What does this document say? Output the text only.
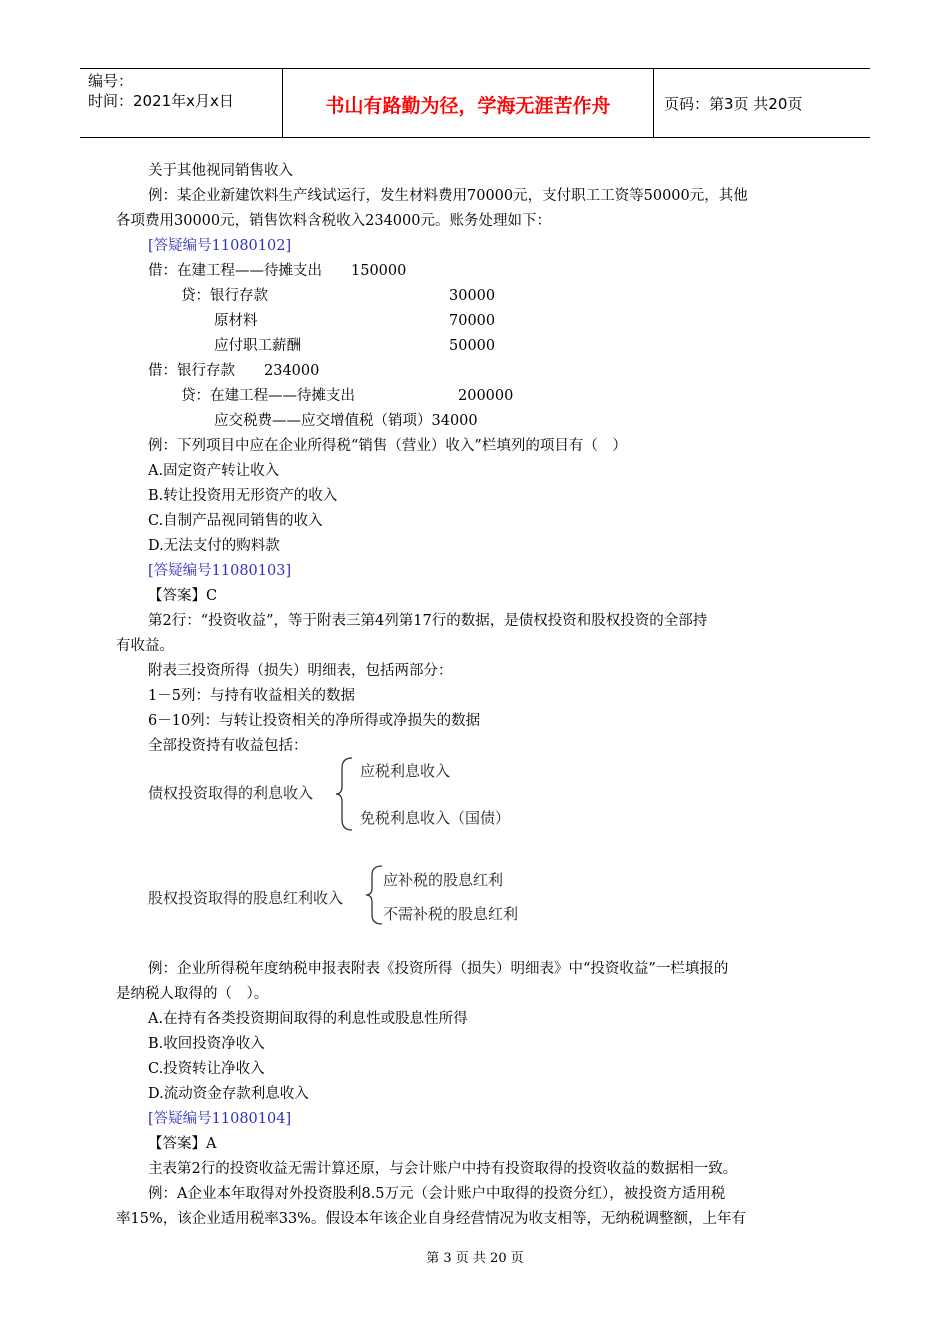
编号：
时间：2021年x月x日	书山有路勤为径，学海无涯苦作舟	页码：第3页 共20页
关于其他视同销售收入
例：某企业新建饮料生产线试运行，发生材料费用70000元，支付职工工资等50000元，其他
各项费用30000元，销售饮料含税收入234000元。账务处理如下：
[答疑编号11080102]
借：在建工程——待摊支出　　150000
贷：银行存款	30000
原材料	70000
应付职工薪酬	50000
借：银行存款　　234000
贷：在建工程——待摊支出	200000
应交税费——应交增值税（销项）34000
例：下列项目中应在企业所得税“销售（营业）收入”栏填列的项目有（　）
A.固定资产转让收入
B.转让投资用无形资产的收入
C.自制产品视同销售的收入
D.无法支付的购料款
[答疑编号11080103]
【答案】C
第2行：“投资收益”，等于附表三第4列第17行的数据，是债权投资和股权投资的全部持
有收益。
附表三投资所得（损失）明细表，包括两部分：
1－5列：与持有收益相关的数据
6－10列：与转让投资相关的净所得或净损失的数据
全部投资持有收益包括：
债权投资取得的利息收入
应税利息收入
免税利息收入（国债）
股权投资取得的股息红利收入
应补税的股息红利
不需补税的股息红利
例：企业所得税年度纳税申报表附表《投资所得（损失）明细表》中“投资收益”一栏填报的
是纳税人取得的（　）。
A.在持有各类投资期间取得的利息性或股息性所得
B.收回投资净收入
C.投资转让净收入
D.流动资金存款利息收入
[答疑编号11080104]
【答案】A
主表第2行的投资收益无需计算还原，与会计账户中持有投资取得的投资收益的数据相一致。
例：A企业本年取得对外投资股利8.5万元（会计账户中取得的投资分红），被投资方适用税
率15%，该企业适用税率33%。假设本年该企业自身经营情况为收支相等，无纳税调整额，上年有
第 3 页 共 20 页
